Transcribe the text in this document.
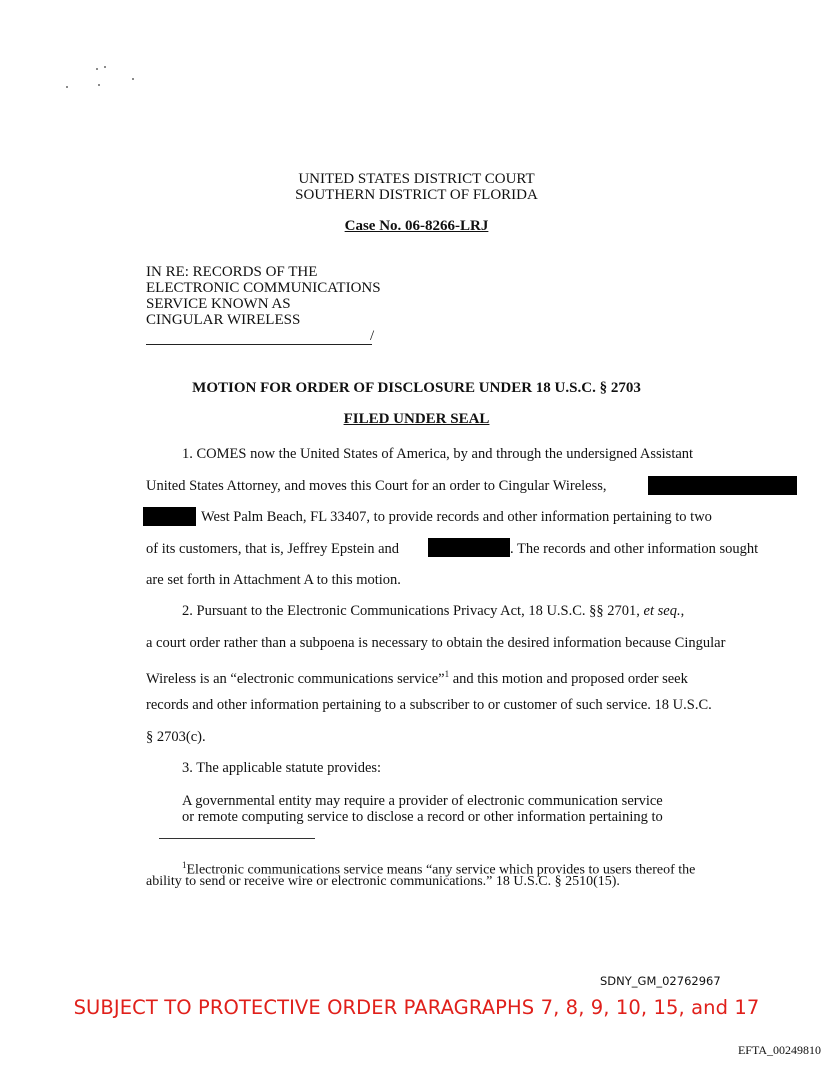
UNITED STATES DISTRICT COURT
SOUTHERN DISTRICT OF FLORIDA
Case No. 06-8266-LRJ
IN RE: RECORDS OF THE
ELECTRONIC COMMUNICATIONS
SERVICE KNOWN AS
CINGULAR WIRELESS
/
MOTION FOR ORDER OF DISCLOSURE UNDER 18 U.S.C. § 2703
FILED UNDER SEAL
1. COMES now the United States of America, by and through the undersigned Assistant
United States Attorney, and moves this Court for an order to Cingular Wireless,
West Palm Beach, FL 33407, to provide records and other information pertaining to two
of its customers, that is, Jeffrey Epstein and	. The records and other information sought
are set forth in Attachment A to this motion.
2. Pursuant to the Electronic Communications Privacy Act, 18 U.S.C. §§ 2701, et seq.,
a court order rather than a subpoena is necessary to obtain the desired information because Cingular
Wireless is an “electronic communications service”$^1$ and this motion and proposed order seek
records and other information pertaining to a subscriber to or customer of such service. 18 U.S.C.
§ 2703(c).
3. The applicable statute provides:
A governmental entity may require a provider of electronic communication service
or remote computing service to disclose a record or other information pertaining to
$^1$Electronic communications service means “any service which provides to users thereof the
ability to send or receive wire or electronic communications.” 18 U.S.C. § 2510(15).
SDNY_GM_02762967
SUBJECT TO PROTECTIVE ORDER PARAGRAPHS 7, 8, 9, 10, 15, and 17
EFTA_00249810
